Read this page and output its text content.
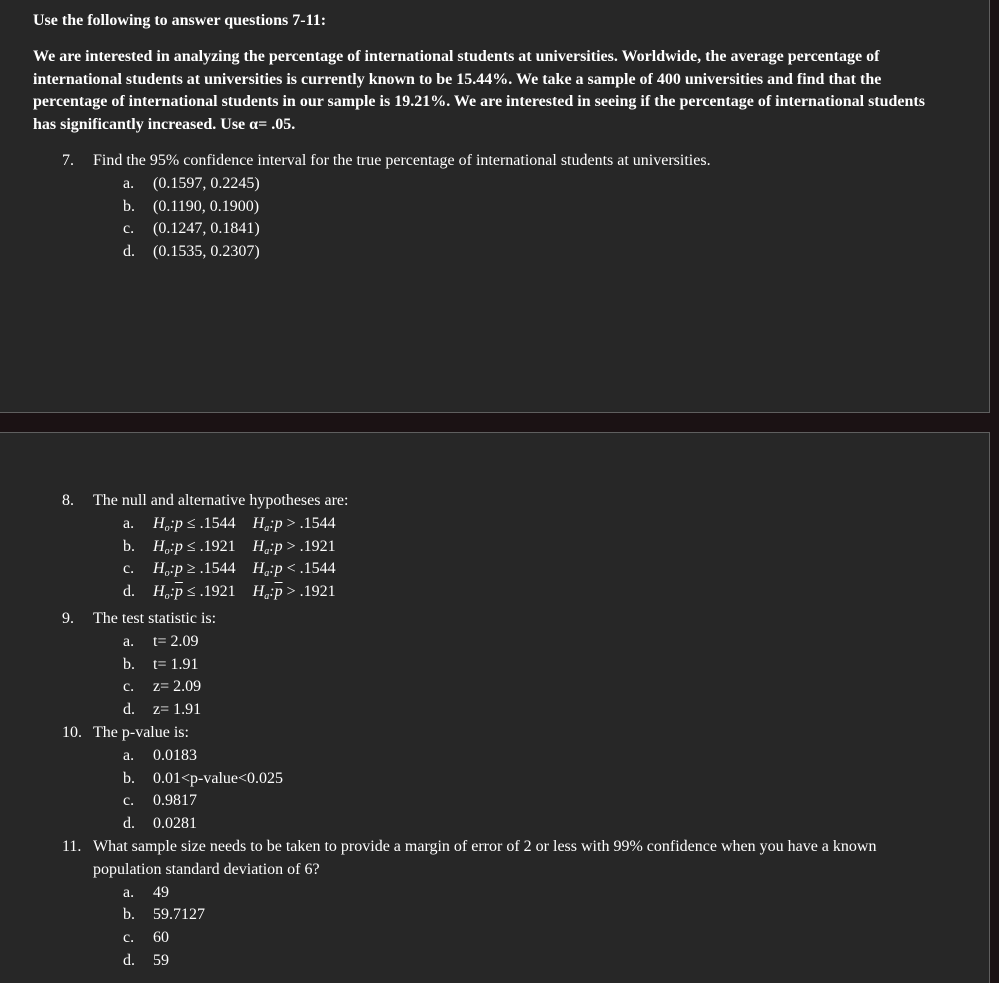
Use the following to answer questions 7-11:

We are interested in analyzing the percentage of international students at universities. Worldwide, the average percentage of international students at universities is currently known to be 15.44%. We take a sample of 400 universities and find that the percentage of international students in our sample is 19.21%. We are interested in seeing if the percentage of international students has significantly increased. Use α= .05.

7. Find the 95% confidence interval for the true percentage of international students at universities.
a. (0.1597, 0.2245)
b. (0.1190, 0.1900)
c. (0.1247, 0.1841)
d. (0.1535, 0.2307)
8. The null and alternative hypotheses are:
a. $H_o:p \le .1544$ $H_a:p > .1544$
b. $H_o:p \le .1921$ $H_a:p > .1921$
c. $H_o:p \ge .1544$ $H_a:p < .1544$
d. $H_o:\overline{p} \le .1921$ $H_a:\overline{p} > .1921$
9. The test statistic is:
a. t= 2.09
b. t= 1.91
c. z= 2.09
d. z= 1.91
10. The p-value is:
a. 0.0183
b. 0.01<p-value<0.025
c. 0.9817
d. 0.0281
11. What sample size needs to be taken to provide a margin of error of 2 or less with 99% confidence when you have a known population standard deviation of 6?
a. 49
b. 59.7127
c. 60
d. 59
